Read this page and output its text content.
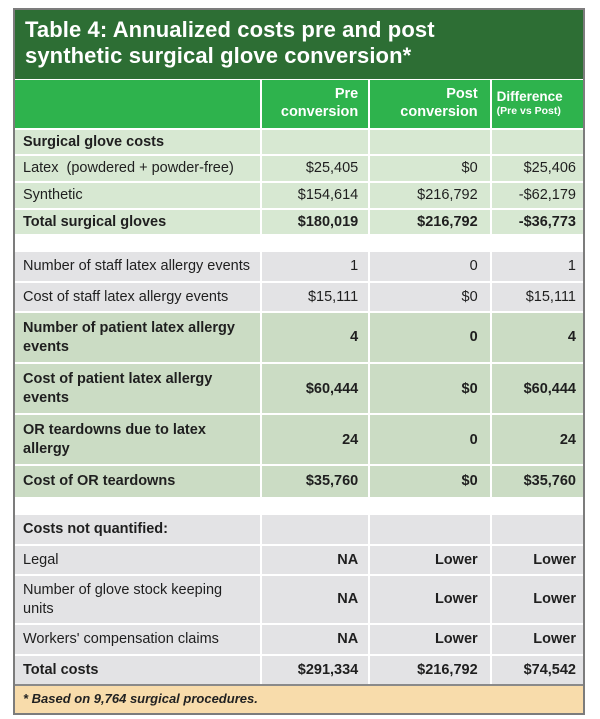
Table 4: Annualized costs pre and post
synthetic surgical glove conversion*
	Pre conversion	Post conversion	Difference
(Pre vs Post)

Surgical glove costs			
Latex  (powdered + powder-free)	$25,405	$0	$25,406
Synthetic	$154,614	$216,792	-$62,179
Total surgical gloves	$180,019	$216,792	-$36,773

Number of staff latex allergy events	1	0	1
Cost of staff latex allergy events	$15,111	$0	$15,111
Number of patient latex allergy events	4	0	4
Cost of patient latex allergy events	$60,444	$0	$60,444
OR teardowns due to latex allergy	24	0	24
Cost of OR teardowns	$35,760	$0	$35,760

Costs not quantified:			
Legal	NA	Lower	Lower
Number of glove stock keeping units	NA	Lower	Lower
Workers' compensation claims	NA	Lower	Lower
Total costs	$291,334	$216,792	$74,542
* Based on 9,764 surgical procedures.
